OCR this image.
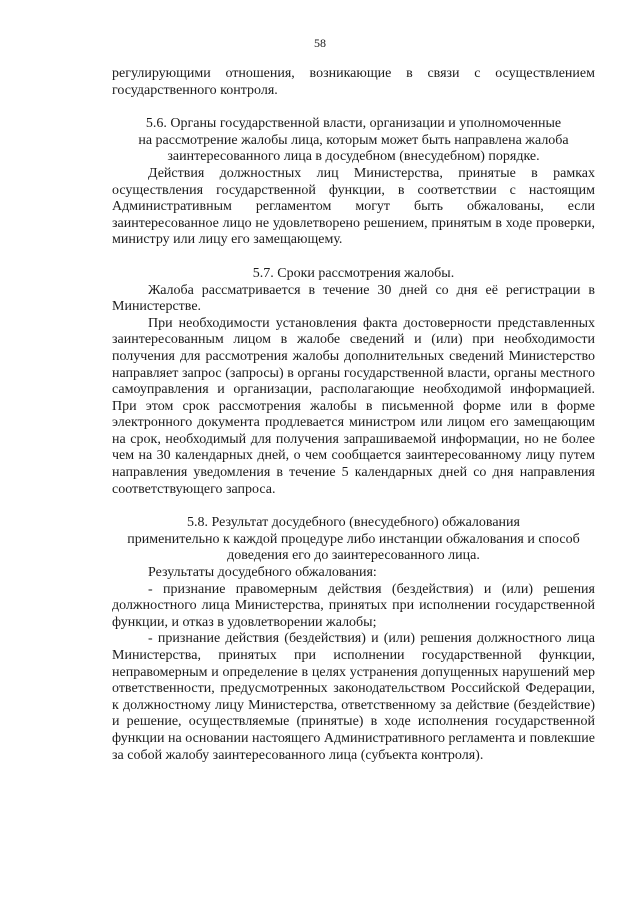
58

регулирующими отношения, возникающие в связи с осуществлением государственного контроля.

5.6. Органы государственной власти, организации и уполномоченные
на рассмотрение жалобы лица, которым может быть направлена жалоба
заинтересованного лица в досудебном (внесудебном) порядке.

Действия должностных лиц Министерства, принятые в рамках осуществления государственной функции, в соответствии с настоящим Административным регламентом могут быть обжалованы, если заинтересованное лицо не удовлетворено решением, принятым в ходе проверки, министру или лицу его замещающему.

5.7. Сроки рассмотрения жалобы.

Жалоба рассматривается в течение 30 дней со дня её регистрации в Министерстве.

При необходимости установления факта достоверности представленных заинтересованным лицом в жалобе сведений и (или) при необходимости получения для рассмотрения жалобы дополнительных сведений Министерство направляет запрос (запросы) в органы государственной власти, органы местного самоуправления и организации, располагающие необходимой информацией. При этом срок рассмотрения жалобы в письменной форме или в форме электронного документа продлевается министром или лицом его замещающим на срок, необходимый для получения запрашиваемой информации, но не более чем на 30 календарных дней, о чем сообщается заинтересованному лицу путем направления уведомления в течение 5 календарных дней со дня направления соответствующего запроса.

5.8. Результат досудебного (внесудебного) обжалования
применительно к каждой процедуре либо инстанции обжалования и способ
доведения его до заинтересованного лица.

Результаты досудебного обжалования:

- признание правомерным действия (бездействия) и (или) решения должностного лица Министерства, принятых при исполнении государственной функции, и отказ в удовлетворении жалобы;

- признание действия (бездействия) и (или) решения должностного лица Министерства, принятых при исполнении государственной функции, неправомерным и определение в целях устранения допущенных нарушений мер ответственности, предусмотренных законодательством Российской Федерации, к должностному лицу Министерства, ответственному за действие (бездействие) и решение, осуществляемые (принятые) в ходе исполнения государственной функции на основании настоящего Административного регламента и повлекшие за собой жалобу заинтересованного лица (субъекта контроля).
